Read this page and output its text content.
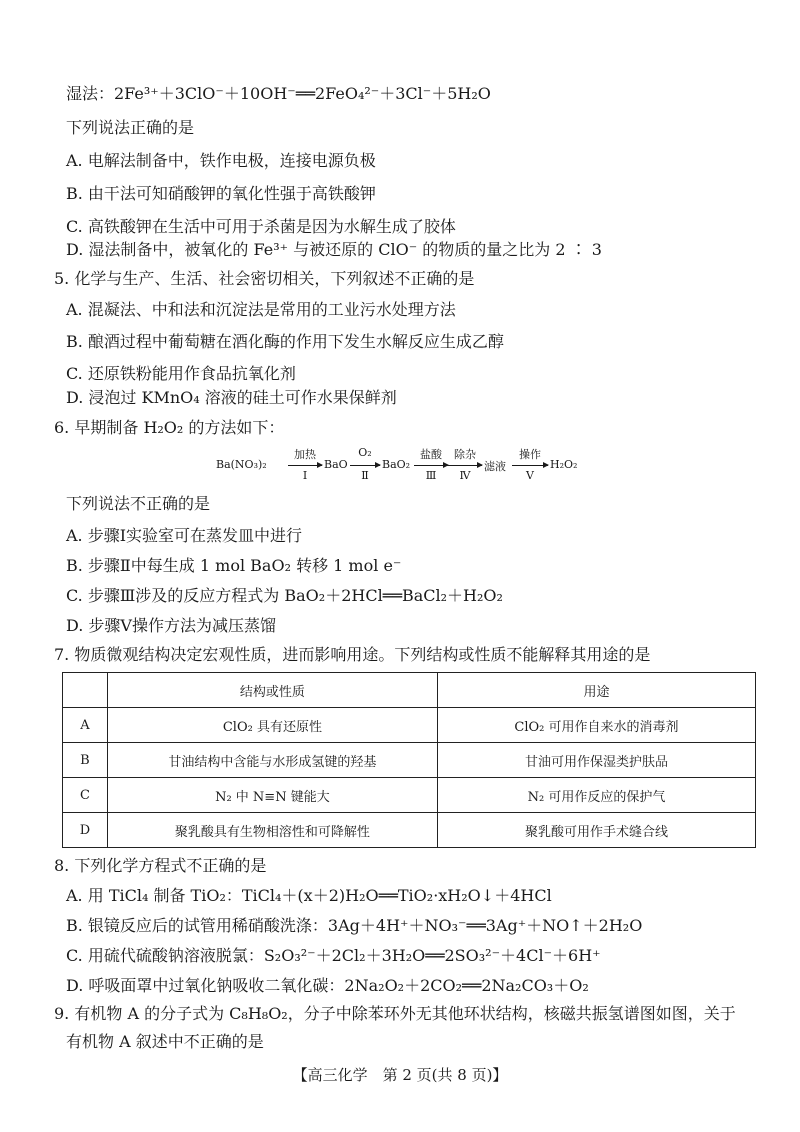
湿法：2Fe³⁺＋3ClO⁻＋10OH⁻══2FeO₄²⁻＋3Cl⁻＋5H₂O
下列说法正确的是
A. 电解法制备中，铁作电极，连接电源负极
B. 由干法可知硝酸钾的氧化性强于高铁酸钾
C. 高铁酸钾在生活中可用于杀菌是因为水解生成了胶体
D. 湿法制备中，被氧化的 Fe³⁺ 与被还原的 ClO⁻ 的物质的量之比为 2 ∶ 3
5. 化学与生产、生活、社会密切相关，下列叙述不正确的是
A. 混凝法、中和法和沉淀法是常用的工业污水处理方法
B. 酿酒过程中葡萄糖在酒化酶的作用下发生水解反应生成乙醇
C. 还原铁粉能用作食品抗氧化剂
D. 浸泡过 KMnO₄ 溶液的硅土可作水果保鲜剂
6. 早期制备 H₂O₂ 的方法如下：
Ba(NO₃)₂
加热
Ⅰ
BaO
O₂
Ⅱ
BaO₂
盐酸
Ⅲ
除杂
Ⅳ
滤液
操作
Ⅴ
H₂O₂
下列说法不正确的是
A. 步骤Ⅰ实验室可在蒸发皿中进行
B. 步骤Ⅱ中每生成 1 mol BaO₂ 转移 1 mol e⁻
C. 步骤Ⅲ涉及的反应方程式为 BaO₂＋2HCl══BaCl₂＋H₂O₂
D. 步骤Ⅴ操作方法为减压蒸馏
7. 物质微观结构决定宏观性质，进而影响用途。下列结构或性质不能解释其用途的是
	结构或性质	用途
A	ClO₂ 具有还原性	ClO₂ 可用作自来水的消毒剂
B	甘油结构中含能与水形成氢键的羟基	甘油可用作保湿类护肤品
C	N₂ 中 N≡N 键能大	N₂ 可用作反应的保护气
D	聚乳酸具有生物相溶性和可降解性	聚乳酸可用作手术缝合线
8. 下列化学方程式不正确的是
A. 用 TiCl₄ 制备 TiO₂：TiCl₄＋(x＋2)H₂O══TiO₂·xH₂O↓＋4HCl
B. 银镜反应后的试管用稀硝酸洗涤：3Ag＋4H⁺＋NO₃⁻══3Ag⁺＋NO↑＋2H₂O
C. 用硫代硫酸钠溶液脱氯：S₂O₃²⁻＋2Cl₂＋3H₂O══2SO₃²⁻＋4Cl⁻＋6H⁺
D. 呼吸面罩中过氧化钠吸收二氧化碳：2Na₂O₂＋2CO₂══2Na₂CO₃＋O₂
9. 有机物 A 的分子式为 C₈H₈O₂，分子中除苯环外无其他环状结构，核磁共振氢谱图如图，关于
有机物 A 叙述中不正确的是
【高三化学　第 2 页(共 8 页)】
